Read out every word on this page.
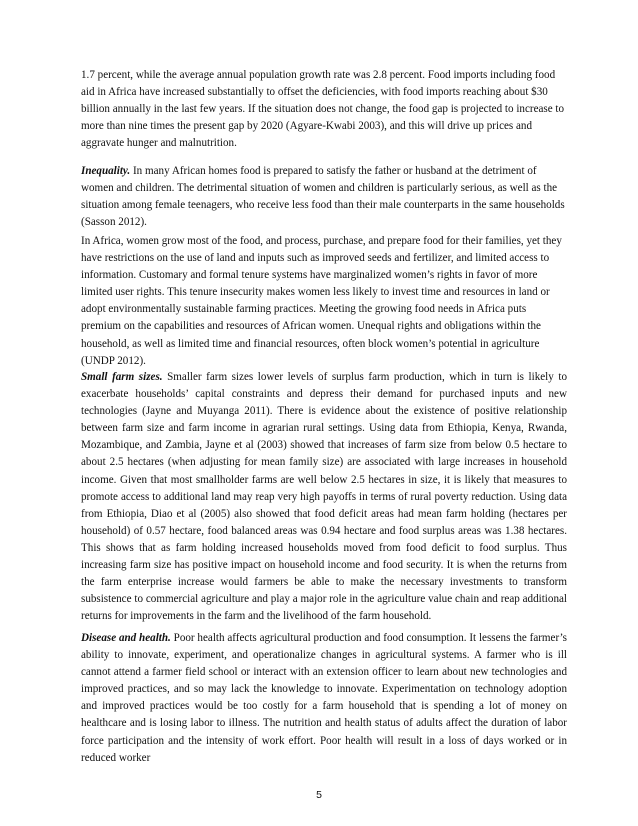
1.7 percent, while the average annual population growth rate was 2.8 percent. Food imports including food aid in Africa have increased substantially to offset the deficiencies, with food imports reaching about $30 billion annually in the last few years. If the situation does not change, the food gap is projected to increase to more than nine times the present gap by 2020 (Agyare-Kwabi 2003), and this will drive up prices and aggravate hunger and malnutrition.

Inequality. In many African homes food is prepared to satisfy the father or husband at the detriment of women and children. The detrimental situation of women and children is particularly serious, as well as the situation among female teenagers, who receive less food than their male counterparts in the same households (Sasson 2012).

In Africa, women grow most of the food, and process, purchase, and prepare food for their families, yet they have restrictions on the use of land and inputs such as improved seeds and fertilizer, and limited access to information. Customary and formal tenure systems have marginalized women’s rights in favor of more limited user rights. This tenure insecurity makes women less likely to invest time and resources in land or adopt environmentally sustainable farming practices. Meeting the growing food needs in Africa puts premium on the capabilities and resources of African women. Unequal rights and obligations within the household, as well as limited time and financial resources, often block women’s potential in agriculture (UNDP 2012).

Small farm sizes. Smaller farm sizes lower levels of surplus farm production, which in turn is likely to exacerbate households’ capital constraints and depress their demand for purchased inputs and new technologies (Jayne and Muyanga 2011). There is evidence about the existence of positive relationship between farm size and farm income in agrarian rural settings. Using data from Ethiopia, Kenya, Rwanda, Mozambique, and Zambia, Jayne et al (2003) showed that increases of farm size from below 0.5 hectare to about 2.5 hectares (when adjusting for mean family size) are associated with large increases in household income. Given that most smallholder farms are well below 2.5 hectares in size, it is likely that measures to promote access to additional land may reap very high payoffs in terms of rural poverty reduction. Using data from Ethiopia, Diao et al (2005) also showed that food deficit areas had mean farm holding (hectares per household) of 0.57 hectare, food balanced areas was 0.94 hectare and food surplus areas was 1.38 hectares. This shows that as farm holding increased households moved from food deficit to food surplus. Thus increasing farm size has positive impact on household income and food security. It is when the returns from the farm enterprise increase would farmers be able to make the necessary investments to transform subsistence to commercial agriculture and play a major role in the agriculture value chain and reap additional returns for improvements in the farm and the livelihood of the farm household.

Disease and health. Poor health affects agricultural production and food consumption. It lessens the farmer’s ability to innovate, experiment, and operationalize changes in agricultural systems. A farmer who is ill cannot attend a farmer field school or interact with an extension officer to learn about new technologies and improved practices, and so may lack the knowledge to innovate. Experimentation on technology adoption and improved practices would be too costly for a farm household that is spending a lot of money on healthcare and is losing labor to illness. The nutrition and health status of adults affect the duration of labor force participation and the intensity of work effort. Poor health will result in a loss of days worked or in reduced worker

5
